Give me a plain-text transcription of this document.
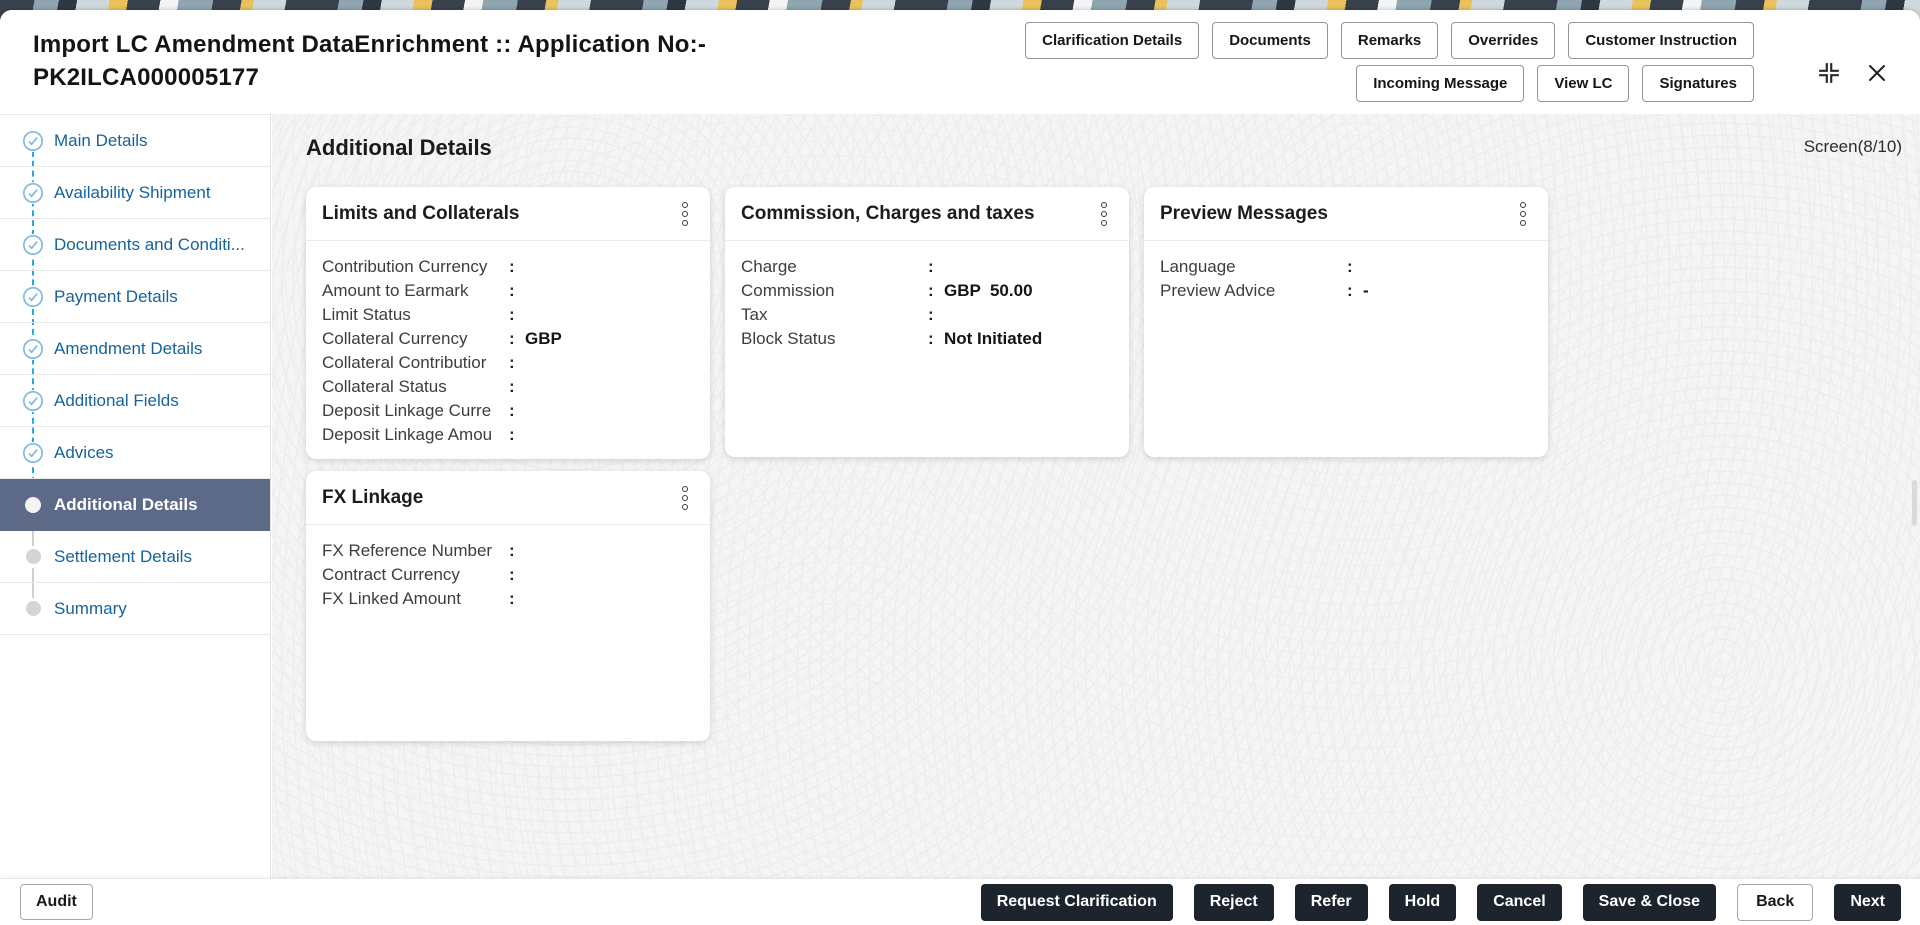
Import LC Amendment DataEnrichment :: Application No:-
PK2ILCA000005177
Clarification Details	Documents	Remarks	Overrides	Customer Instruction
Incoming Message	View LC	Signatures
Main Details
Availability Shipment
Documents and Conditi...
Payment Details
Amendment Details
Additional Fields
Advices
Additional Details
Settlement Details
Summary
Additional Details	Screen(8/10)
Limits and Collaterals
Contribution Currency	:
Amount to Earmark	:
Limit Status	:
Collateral Currency	: GBP
Collateral Contributior	:
Collateral Status	:
Deposit Linkage Curre	:
Deposit Linkage Amou :
Commission, Charges and taxes
Charge	:
Commission	: GBP  50.00
Tax	:
Block Status	: Not Initiated
Preview Messages
Language	:
Preview Advice	: -
FX Linkage
FX Reference Number :
Contract Currency	:
FX Linked Amount	:
Audit	Request Clarification	Reject	Refer	Hold	Cancel	Save & Close	Back	Next
